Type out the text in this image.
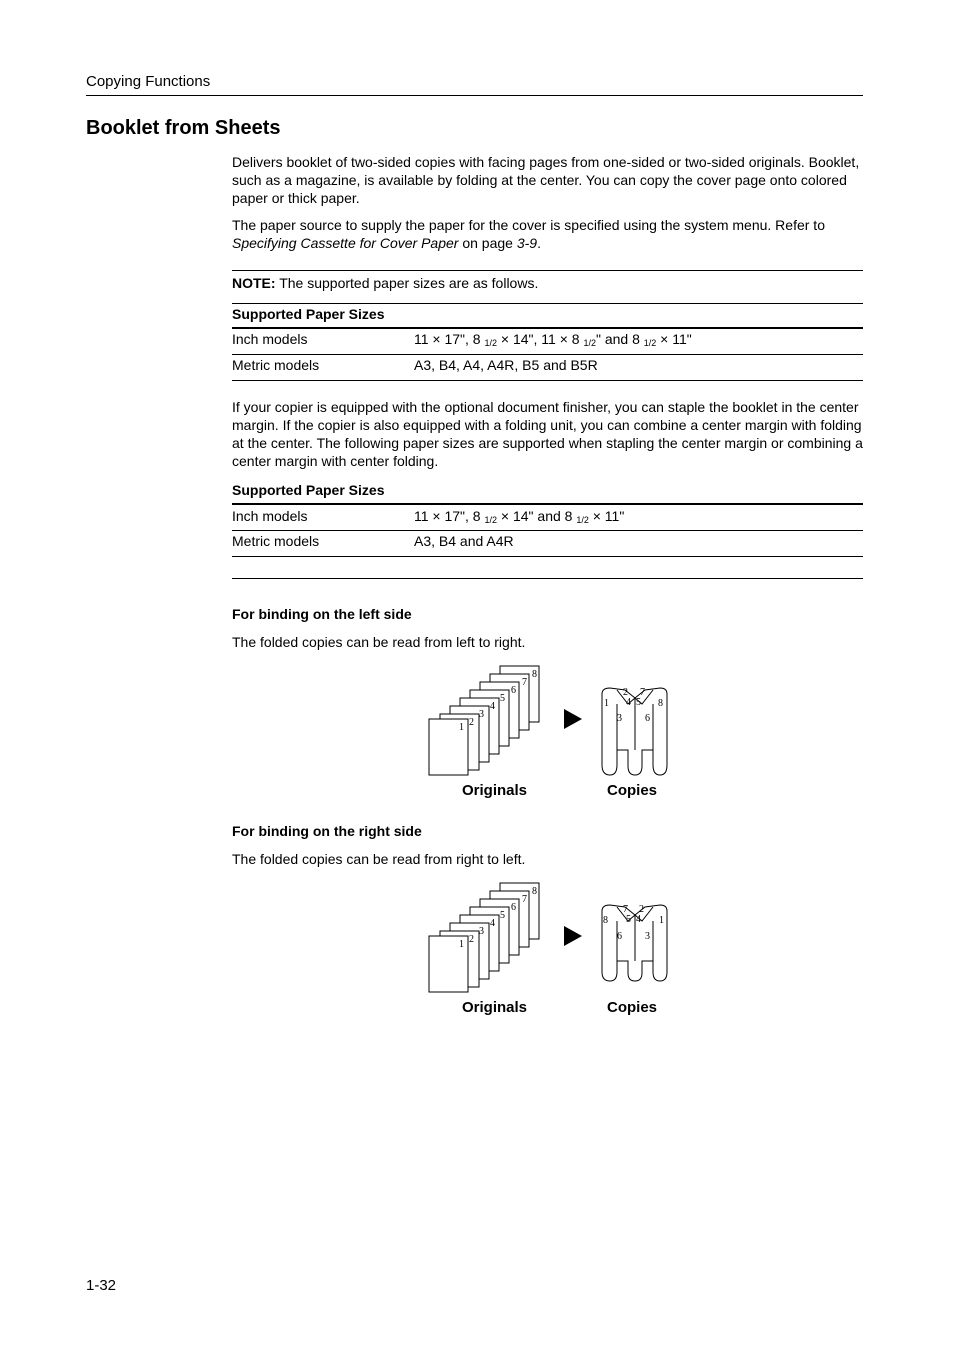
Copying Functions
Booklet from Sheets
Delivers booklet of two-sided copies with facing pages from one-sided or two-sided originals. Booklet, such as a magazine, is available by folding at the center. You can copy the cover page onto colored paper or thick paper.
The paper source to supply the paper for the cover is specified using the system menu. Refer to Specifying Cassette for Cover Paper on page 3-9.
NOTE: The supported paper sizes are as follows.
Supported Paper Sizes
Inch models	11 × 17", 8 1/2 × 14", 11 × 8 1/2" and 8 1/2 × 11"
Metric models	A3, B4, A4, A4R, B5 and B5R
If your copier is equipped with the optional document finisher, you can staple the booklet in the center margin. If the copier is also equipped with a folding unit, you can combine a center margin with folding at the center. The following paper sizes are supported when stapling the center margin or combining a center margin with center folding.
Supported Paper Sizes
Inch models	11 × 17", 8 1/2 × 14" and 8 1/2 × 11"
Metric models	A3, B4 and A4R
For binding on the left side
The folded copies can be read from left to right.
8
7
6
5
4
3
2
1
1
2
3
4 5
6
7
8
Originals	Copies
For binding on the right side
The folded copies can be read from right to left.
8
7
6
5
4
3
2
1
8
7 2
1
6
5 4
3
Originals	Copies
1-32
